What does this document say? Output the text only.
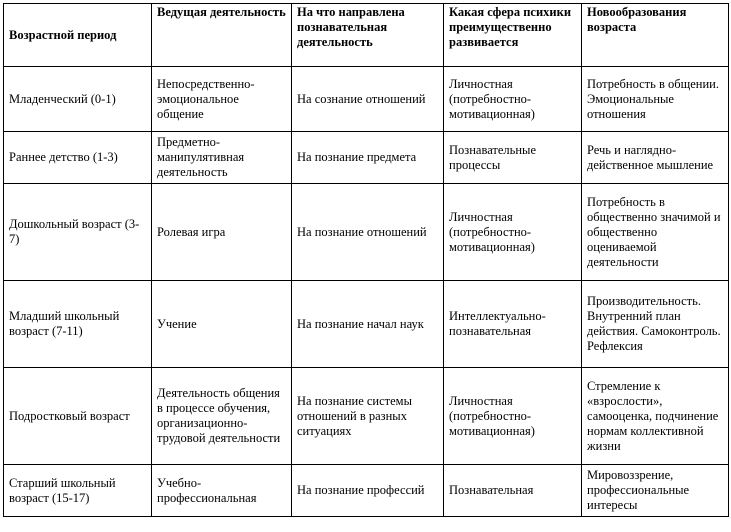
Возрастной период	Ведущая деятельность	На что направлена познавательная деятельность	Какая сфера психики преимущественно развивается	Новообразования возраста
Младенческий (0-1)	Непосредственно-эмоциональное общение	На сознание отношений	Личностная (потребностно-мотивационная)	Потребность в общении. Эмоциональные отношения
Раннее детство (1-3)	Предметно-манипулятивная деятельность	На познание предмета	Познавательные процессы	Речь и наглядно-действенное мышление
Дошкольный возраст (3-7)	Ролевая игра	На познание отношений	Личностная (потребностно-мотивационная)	Потребность в общественно значимой и общественно оцениваемой деятельности
Младший школьный возраст (7-11)	Учение	На познание начал наук	Интеллектуально-познавательная	Производительность. Внутренний план действия. Самоконтроль. Рефлексия
Подростковый возраст	Деятельность общения в процессе обучения, организационно-трудовой деятельности	На познание системы отношений в разных ситуациях	Личностная (потребностно-мотивационная)	Стремление к «взрослости», самооценка, подчинение нормам коллективной жизни
Старший школьный возраст (15-17)	Учебно-профессиональная	На познание профессий	Познавательная	Мировоззрение, профессиональные интересы
